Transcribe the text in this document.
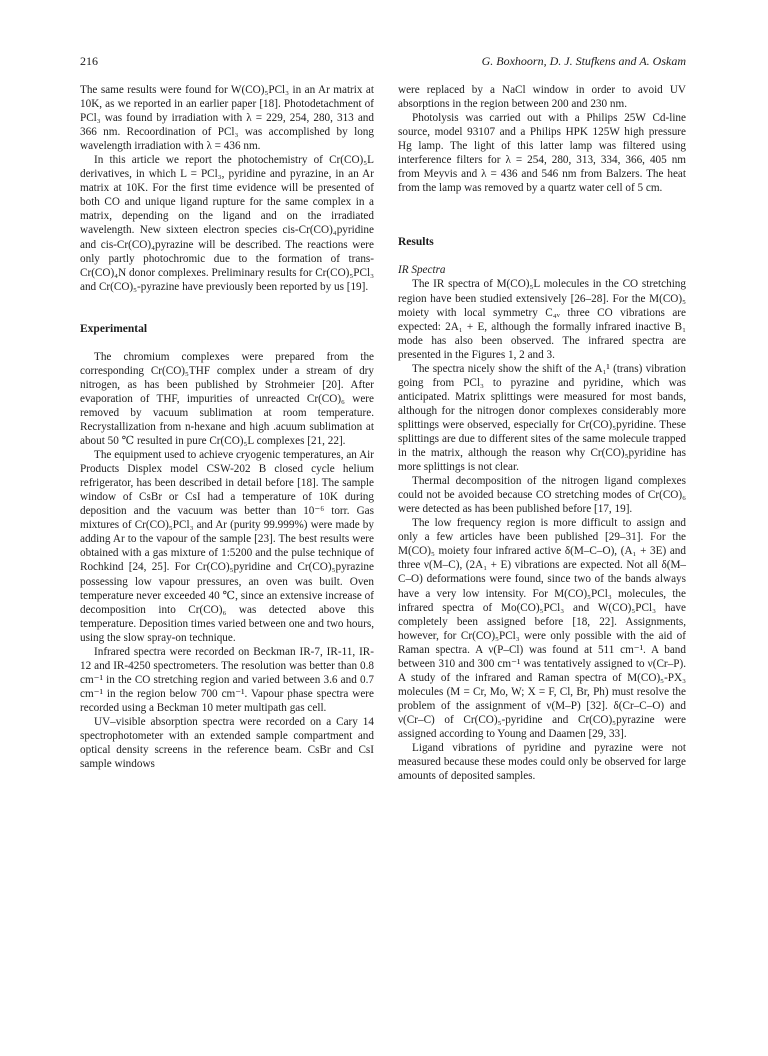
216	G. Boxhoorn, D. J. Stufkens and A. Oskam

The same results were found for W(CO)₅PCl₃ in an Ar matrix at 10K, as we reported in an earlier paper [18]. Photodetachment of PCl₃ was found by irradiation with λ = 229, 254, 280, 313 and 366 nm. Recoordination of PCl₃ was accomplished by long wavelength irradiation with λ = 436 nm.

In this article we report the photochemistry of Cr(CO)₅L derivatives, in which L = PCl₃, pyridine and pyrazine, in an Ar matrix at 10K. For the first time evidence will be presented of both CO and unique ligand rupture for the same complex in a matrix, depending on the ligand and on the irradiated wavelength. New sixteen electron species cis-Cr(CO)₄pyridine and cis-Cr(CO)₄pyrazine will be described. The reactions were only partly photochromic due to the formation of trans-Cr(CO)₄N donor complexes. Preliminary results for Cr(CO)₅PCl₃ and Cr(CO)₅-pyrazine have previously been reported by us [19].

Experimental

The chromium complexes were prepared from the corresponding Cr(CO)₅THF complex under a stream of dry nitrogen, as has been published by Strohmeier [20]. After evaporation of THF, impurities of unreacted Cr(CO)₆ were removed by vacuum sublimation at room temperature. Recrystallization from n-hexane and high .acuum sublimation at about 50 ℃ resulted in pure Cr(CO)₅L complexes [21, 22].

The equipment used to achieve cryogenic temperatures, an Air Products Displex model CSW-202 B closed cycle helium refrigerator, has been described in detail before [18]. The sample window of CsBr or CsI had a temperature of 10K during deposition and the vacuum was better than 10⁻⁶ torr. Gas mixtures of Cr(CO)₅PCl₃ and Ar (purity 99.999%) were made by adding Ar to the vapour of the sample [23]. The best results were obtained with a gas mixture of 1:5200 and the pulse technique of Rochkind [24, 25]. For Cr(CO)₅pyridine and Cr(CO)₅pyrazine possessing low vapour pressures, an oven was built. Oven temperature never exceeded 40 ℃, since an extensive increase of decomposition into Cr(CO)₆ was detected above this temperature. Deposition times varied between one and two hours, using the slow spray-on technique.

Infrared spectra were recorded on Beckman IR-7, IR-11, IR-12 and IR-4250 spectrometers. The resolution was better than 0.8 cm⁻¹ in the CO stretching region and varied between 3.6 and 0.7 cm⁻¹ in the region below 700 cm⁻¹. Vapour phase spectra were recorded using a Beckman 10 meter multipath gas cell.

UV–visible absorption spectra were recorded on a Cary 14 spectrophotometer with an extended sample compartment and optical density screens in the reference beam. CsBr and CsI sample windows

were replaced by a NaCl window in order to avoid UV absorptions in the region between 200 and 230 nm.

Photolysis was carried out with a Philips 25W Cd-line source, model 93107 and a Philips HPK 125W high pressure Hg lamp. The light of this latter lamp was filtered using interference filters for λ = 254, 280, 313, 334, 366, 405 nm from Meyvis and λ = 436 and 546 nm from Balzers. The heat from the lamp was removed by a quartz water cell of 5 cm.

Results
IR Spectra

The IR spectra of M(CO)₅L molecules in the CO stretching region have been studied extensively [26–28]. For the M(CO)₅ moiety with local symmetry C₄ᵥ three CO vibrations are expected: 2A₁ + E, although the formally infrared inactive B₁ mode has also been observed. The infrared spectra are presented in the Figures 1, 2 and 3.

The spectra nicely show the shift of the A₁¹ (trans) vibration going from PCl₃ to pyrazine and pyridine, which was anticipated. Matrix splittings were measured for most bands, although for the nitrogen donor complexes considerably more splittings were observed, especially for Cr(CO)₅pyridine. These splittings are due to different sites of the same molecule trapped in the matrix, although the reason why Cr(CO)₅pyridine has more splittings is not clear.

Thermal decomposition of the nitrogen ligand complexes could not be avoided because CO stretching modes of Cr(CO)₆ were detected as has been published before [17, 19].

The low frequency region is more difficult to assign and only a few articles have been published [29–31]. For the M(CO)₅ moiety four infrared active δ(M–C–O), (A₁ + 3E) and three ν(M–C), (2A₁ + E) vibrations are expected. Not all δ(M–C–O) deformations were found, since two of the bands always have a very low intensity. For M(CO)₅PCl₃ molecules, the infrared spectra of Mo(CO)₅PCl₃ and W(CO)₅PCl₃ have completely been assigned before [18, 22]. Assignments, however, for Cr(CO)₅PCl₃ were only possible with the aid of Raman spectra. A ν(P–Cl) was found at 511 cm⁻¹. A band between 310 and 300 cm⁻¹ was tentatively assigned to ν(Cr–P). A study of the infrared and Raman spectra of M(CO)₅-PX₃ molecules (M = Cr, Mo, W; X = F, Cl, Br, Ph) must resolve the problem of the assignment of ν(M–P) [32]. δ(Cr–C–O) and ν(Cr–C) of Cr(CO)₅-pyridine and Cr(CO)₅pyrazine were assigned according to Young and Daamen [29, 33].

Ligand vibrations of pyridine and pyrazine were not measured because these modes could only be observed for large amounts of deposited samples.
